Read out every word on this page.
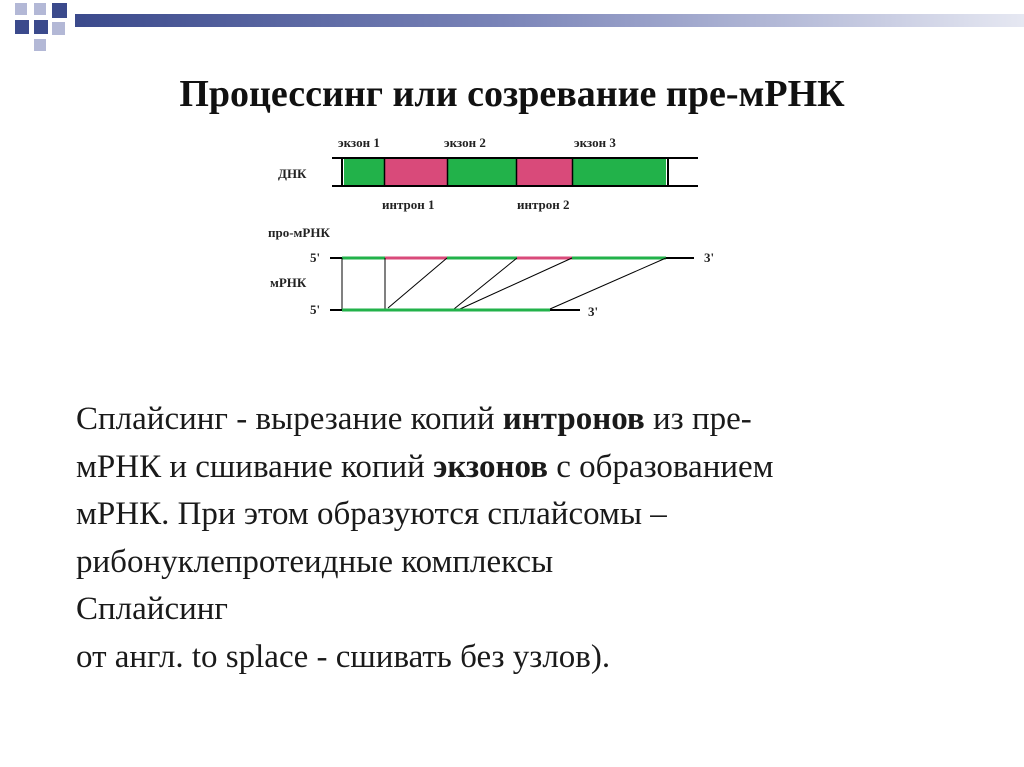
Процессинг или созревание пре-мРНК
экзон 1	экзон 2	экзон 3
ДНК
интрон 1	интрон 2
про-мРНК
5'
мРНК
5'
3'
3'

Сплайсинг - вырезание копий интронов из пре-

мРНК и сшивание копий экзонов с образованием

мРНК. При этом образуются сплайсомы –

рибонуклепротеидные комплексы

Сплайсинг

от англ. to splace - сшивать без узлов).
